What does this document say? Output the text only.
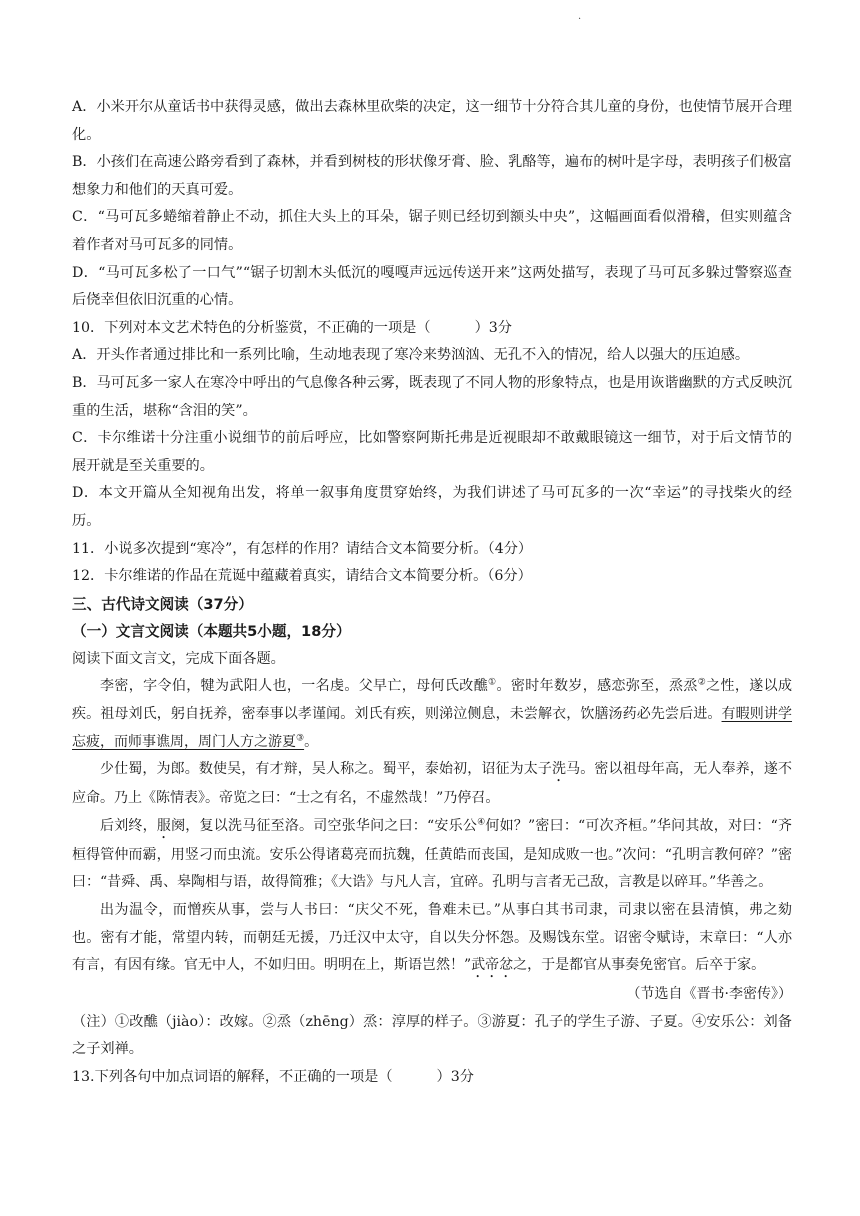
·

A．小米开尔从童话书中获得灵感，做出去森林里砍柴的决定，这一细节十分符合其儿童的身份，也使情节展开合理化。

B．小孩们在高速公路旁看到了森林，并看到树枝的形状像牙膏、脸、乳酪等，遍布的树叶是字母，表明孩子们极富想象力和他们的天真可爱。

C．“马可瓦多蜷缩着静止不动，抓住大头上的耳朵，锯子则已经切到额头中央”，这幅画面看似滑稽，但实则蕴含着作者对马可瓦多的同情。

D．“马可瓦多松了一口气”“锯子切割木头低沉的嘎嘎声远远传送开来”这两处描写，表现了马可瓦多躲过警察巡查后侥幸但依旧沉重的心情。

10．下列对本文艺术特色的分析鉴赏，不正确的一项是（	）3分

A．开头作者通过排比和一系列比喻，生动地表现了寒冷来势汹汹、无孔不入的情况，给人以强大的压迫感。

B．马可瓦多一家人在寒冷中呼出的气息像各种云雾，既表现了不同人物的形象特点，也是用诙谐幽默的方式反映沉重的生活，堪称“含泪的笑”。

C．卡尔维诺十分注重小说细节的前后呼应，比如警察阿斯托弗是近视眼却不敢戴眼镜这一细节，对于后文情节的展开就是至关重要的。

D．本文开篇从全知视角出发，将单一叙事角度贯穿始终，为我们讲述了马可瓦多的一次“幸运”的寻找柴火的经历。

11．小说多次提到“寒冷”，有怎样的作用？请结合文本简要分析。（4分）

12．卡尔维诺的作品在荒诞中蕴藏着真实，请结合文本简要分析。（6分）

三、古代诗文阅读（37分）

（一）文言文阅读（本题共5小题，18分）

阅读下面文言文，完成下面各题。

李密，字令伯，犍为武阳人也，一名虔。父早亡，母何氏改醮①。密时年数岁，感恋弥至，烝烝②之性，遂以成疾。祖母刘氏，躬自抚养，密奉事以孝谨闻。刘氏有疾，则涕泣侧息，未尝解衣，饮膳汤药必先尝后进。有暇则讲学忘疲，而师事谯周，周门人方之游夏③。

少仕蜀，为郎。数使吴，有才辩，吴人称之。蜀平，泰始初，诏征为太子洗马。密以祖母年高，无人奉养，遂不应命。乃上《陈情表》。帝览之曰：“士之有名，不虚然哉！”乃停召。

后刘终，服阕，复以洗马征至洛。司空张华问之曰：“安乐公④何如？”密曰：“可次齐桓。”华问其故，对曰：“齐桓得管仲而霸，用竖刁而虫流。安乐公得诸葛亮而抗魏，任黄皓而丧国，是知成败一也。”次问：“孔明言教何碎？”密曰：“昔舜、禹、皋陶相与语，故得简雅；《大诰》与凡人言，宜碎。孔明与言者无己敌，言教是以碎耳。”华善之。

出为温令，而憎疾从事，尝与人书曰：“庆父不死，鲁难未已。”从事白其书司隶，司隶以密在县清慎，弗之劾也。密有才能，常望内转，而朝廷无援，乃迁汉中太守，自以失分怀怨。及赐饯东堂。诏密令赋诗，末章曰：“人亦有言，有因有缘。官无中人，不如归田。明明在上，斯语岂然！”武帝忿之，于是都官从事奏免密官。后卒于家。

（节选自《晋书·李密传》）

（注）①改醮（jiào）：改嫁。②烝（zhēng）烝：淳厚的样子。③游夏：孔子的学生子游、子夏。④安乐公：刘备之子刘禅。

13.下列各句中加点词语的解释，不正确的一项是（	）3分
